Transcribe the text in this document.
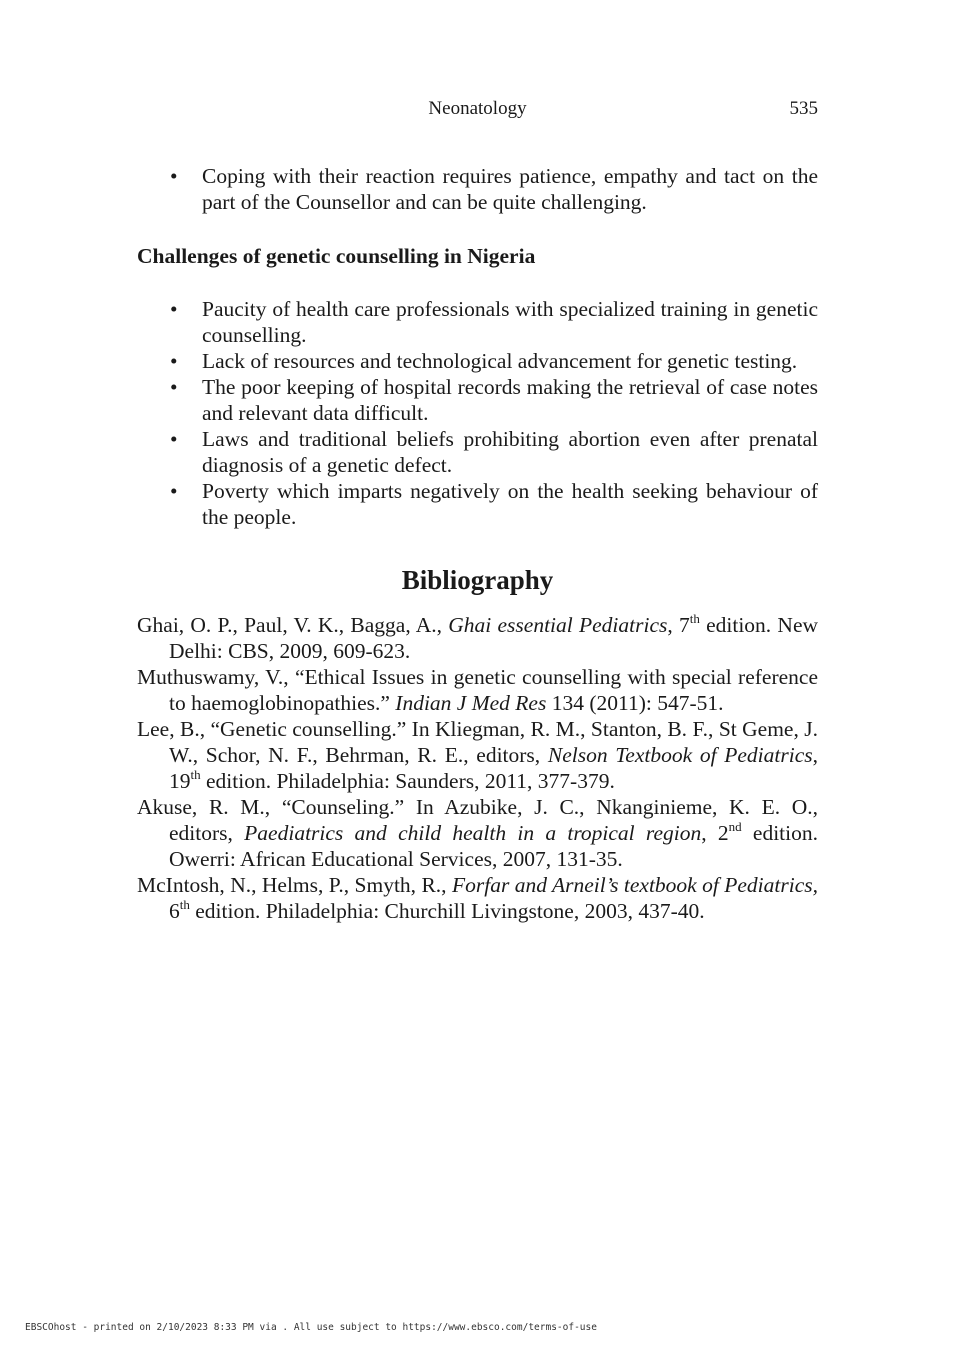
Neonatology	535
• Coping with their reaction requires patience, empathy and tact on the part of the Counsellor and can be quite challenging.
Challenges of genetic counselling in Nigeria
• Paucity of health care professionals with specialized training in genetic counselling.
• Lack of resources and technological advancement for genetic testing.
• The poor keeping of hospital records making the retrieval of case notes and relevant data difficult.
• Laws and traditional beliefs prohibiting abortion even after prenatal diagnosis of a genetic defect.
• Poverty which imparts negatively on the health seeking behaviour of the people.
Bibliography
Ghai, O. P., Paul, V. K., Bagga, A., Ghai essential Pediatrics, 7th edition. New Delhi: CBS, 2009, 609-623.
Muthuswamy, V., “Ethical Issues in genetic counselling with special reference to haemoglobinopathies.” Indian J Med Res 134 (2011): 547-51.
Lee, B., “Genetic counselling.” In Kliegman, R. M., Stanton, B. F., St Geme, J. W., Schor, N. F., Behrman, R. E., editors, Nelson Textbook of Pediatrics, 19th edition. Philadelphia: Saunders, 2011, 377-379.
Akuse, R. M., “Counseling.” In Azubike, J. C., Nkanginieme, K. E. O., editors, Paediatrics and child health in a tropical region, 2nd edition. Owerri: African Educational Services, 2007, 131-35.
McIntosh, N., Helms, P., Smyth, R., Forfar and Arneil’s textbook of Pediatrics, 6th edition. Philadelphia: Churchill Livingstone, 2003, 437-40.
EBSCOhost - printed on 2/10/2023 8:33 PM via . All use subject to https://www.ebsco.com/terms-of-use
